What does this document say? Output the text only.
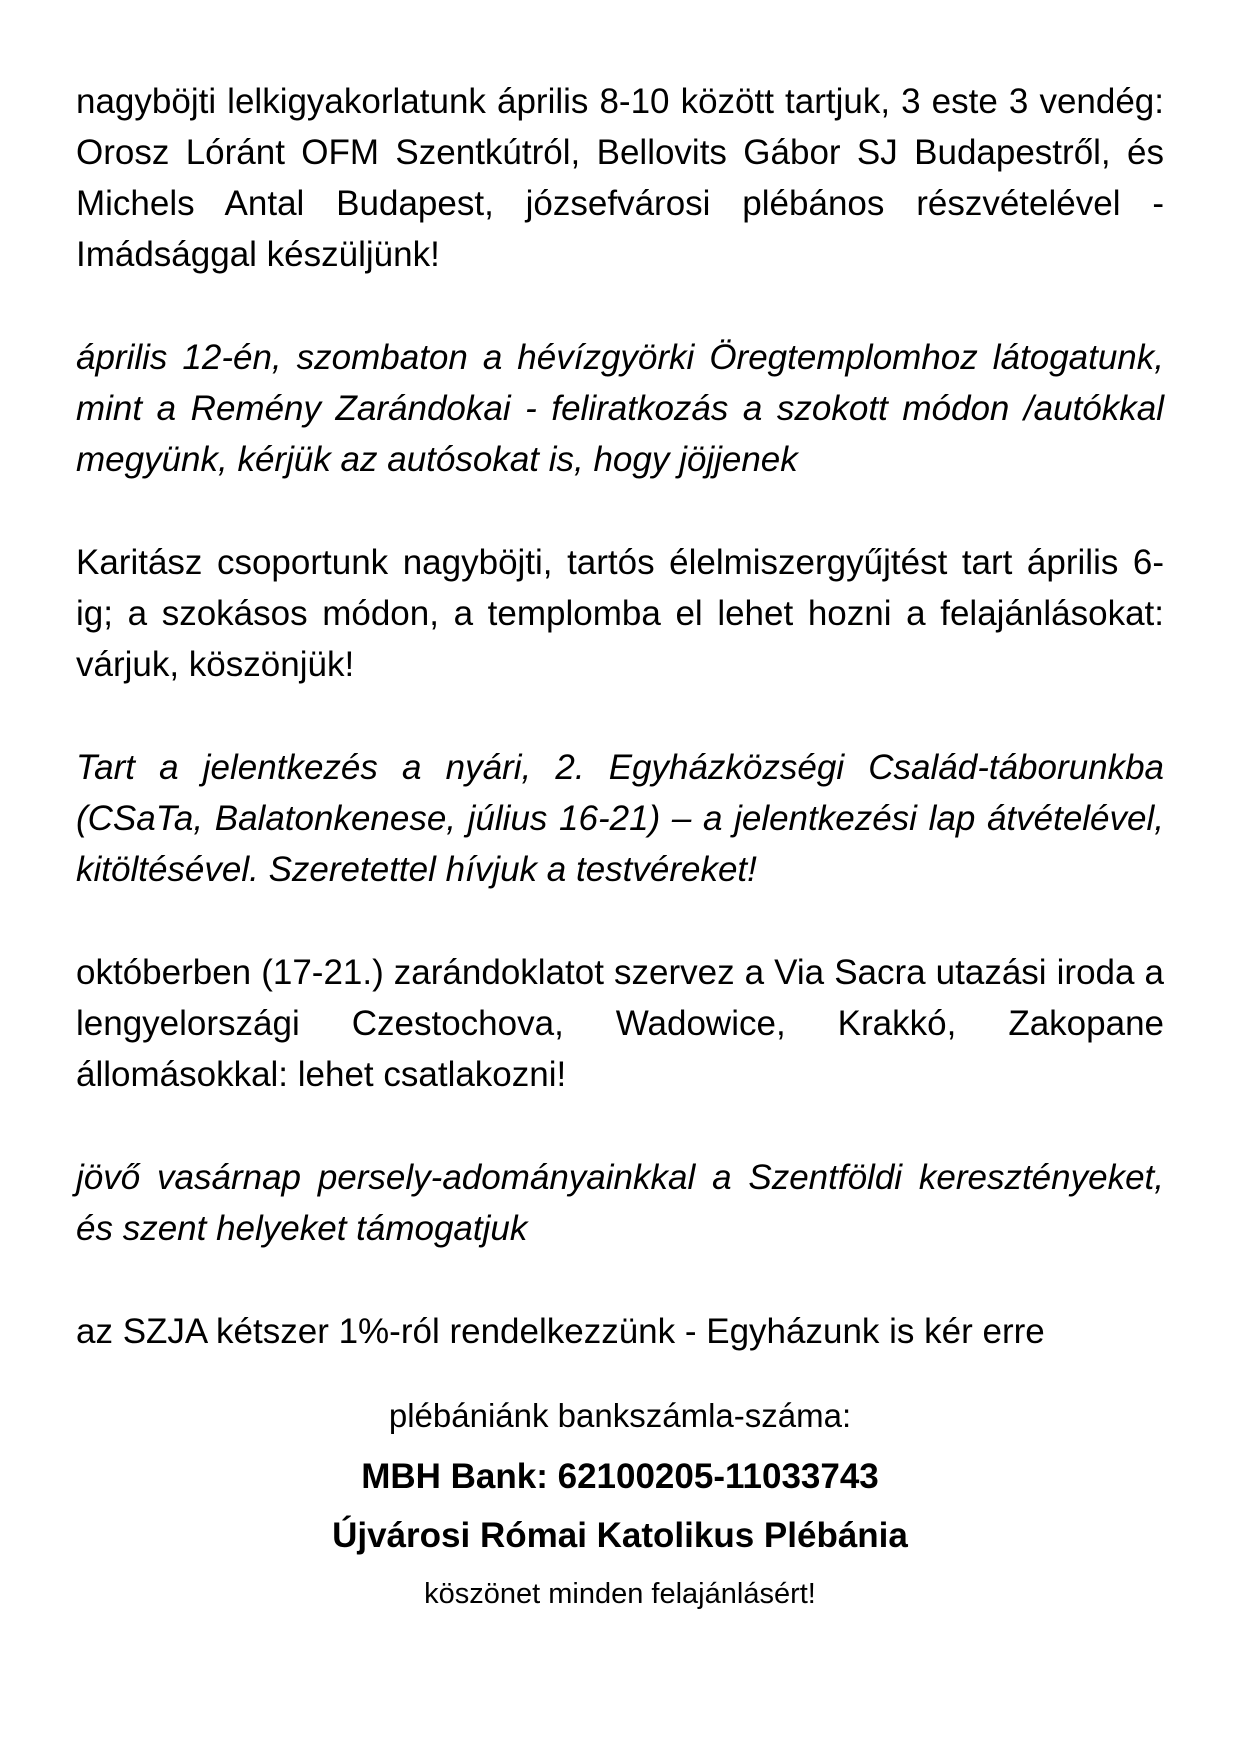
nagyböjti lelkigyakorlatunk április 8-10 között tartjuk, 3 este 3 vendég: Orosz Lóránt OFM Szentkútról, Bellovits Gábor SJ Budapestről, és Michels Antal Budapest, józsefvárosi plébános részvételével - Imádsággal készüljünk!

április 12-én, szombaton a hévízgyörki Öregtemplomhoz látogatunk, mint a Remény Zarándokai - feliratkozás a szokott módon /autókkal megyünk, kérjük az autósokat is, hogy jöjjenek

Karitász csoportunk nagyböjti, tartós élelmiszergyűjtést tart április 6-ig; a szokásos módon, a templomba el lehet hozni a felajánlásokat: várjuk, köszönjük!

Tart a jelentkezés a nyári, 2. Egyházközségi Család-táborunkba (CSaTa, Balatonkenese, július 16-21) – a jelentkezési lap átvételével, kitöltésével. Szeretettel hívjuk a testvéreket!

októberben (17-21.) zarándoklatot szervez a Via Sacra utazási iroda a lengyelországi Czestochova, Wadowice, Krakkó, Zakopane állomásokkal: lehet csatlakozni!

jövő vasárnap persely-adományainkkal a Szentföldi keresztényeket, és szent helyeket támogatjuk

az SZJA kétszer 1%-ról rendelkezzünk - Egyházunk is kér erre

plébániánk bankszámla-száma:
MBH Bank: 62100205-11033743
Újvárosi Római Katolikus Plébánia
köszönet minden felajánlásért!
